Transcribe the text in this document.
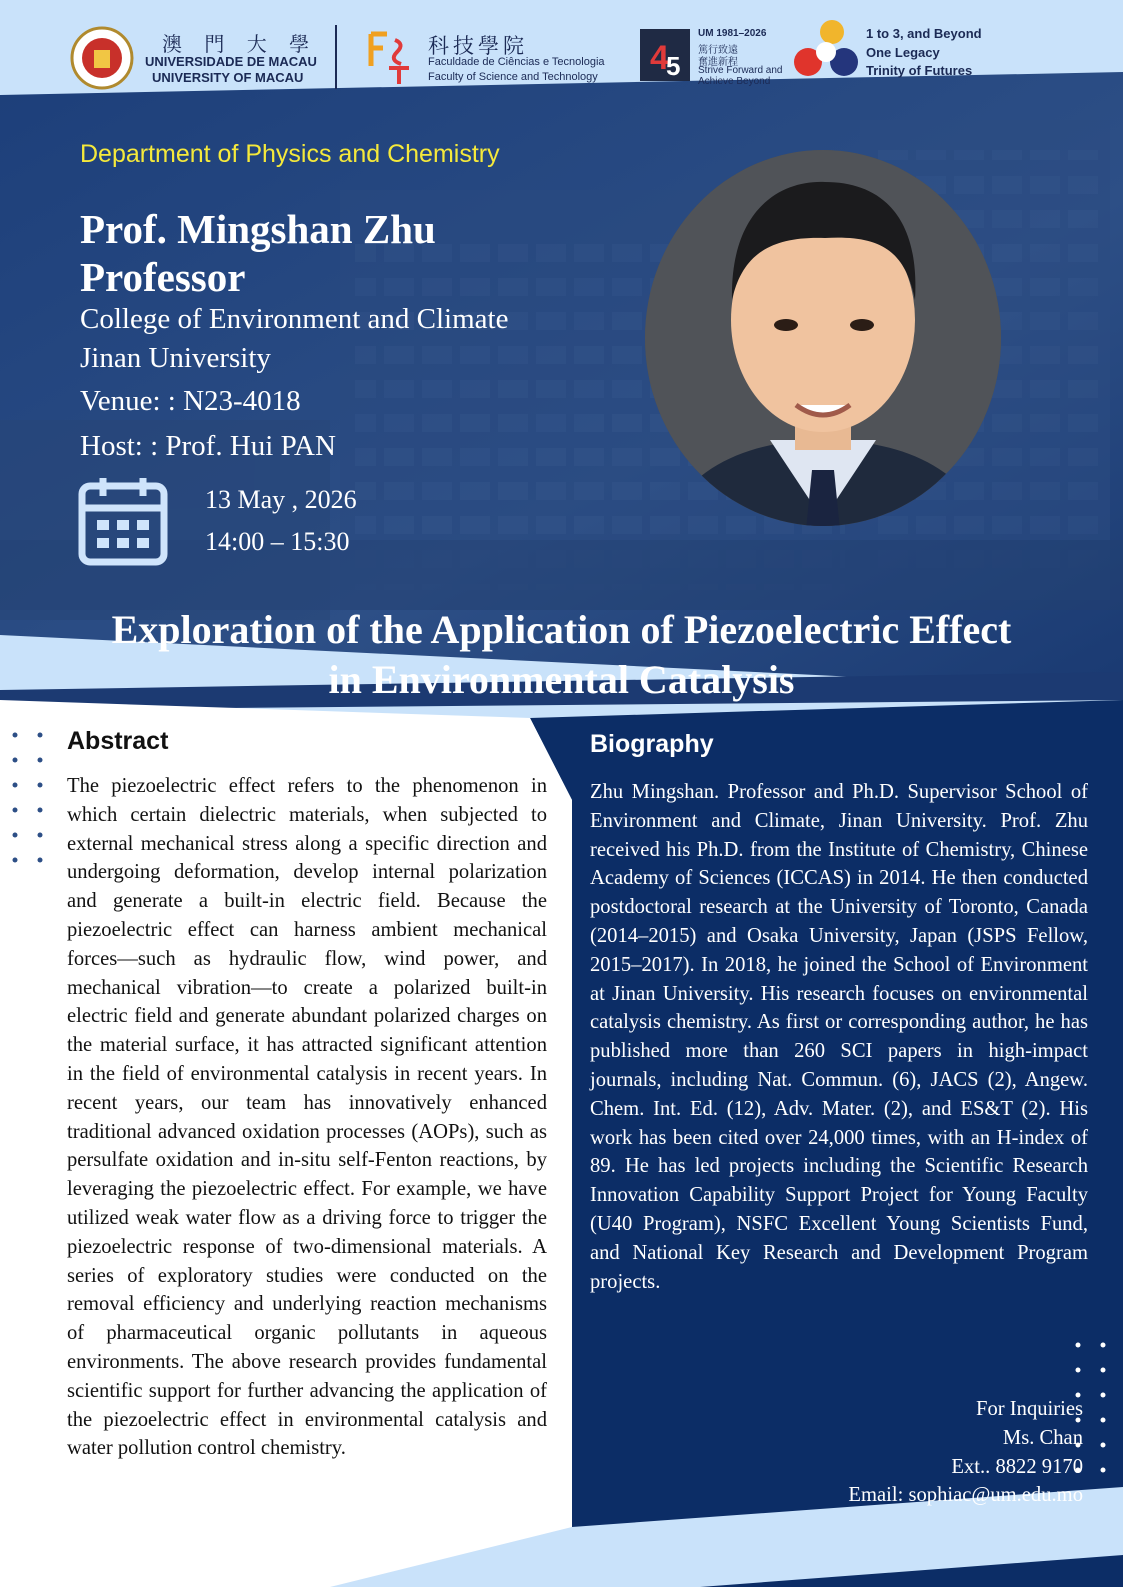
澳 門 大 學
UNIVERSIDADE DE MACAU
UNIVERSITY OF MACAU
科技學院
Faculdade de Ciências e Tecnologia
Faculty of Science and Technology 4
5
UM 1981–2026
篤行致遠
奮進新程
Strive Forward and
Achieve Beyond
1 to 3, and Beyond
One Legacy
Trinity of Futures
Department of Physics and Chemistry
Prof. Mingshan Zhu
Professor
College of Environment and Climate
Jinan University
Venue: : N23-4018
Host: : Prof. Hui PAN
13 May , 2026
14:00 – 15:30
Exploration of the Application of Piezoelectric Effect
in Environmental Catalysis
Abstract
The piezoelectric effect refers to the phenomenon in which certain dielectric materials, when subjected to external mechanical stress along a specific direction and undergoing deformation, develop internal polarization and generate a built-in electric field. Because the piezoelectric effect can harness ambient mechanical forces—such as hydraulic flow, wind power, and mechanical vibration—to create a polarized built-in electric field and generate abundant polarized charges on the material surface, it has attracted significant attention in the field of environmental catalysis in recent years. In recent years, our team has innovatively enhanced traditional advanced oxidation processes (AOPs), such as persulfate oxidation and in-situ self-Fenton reactions, by leveraging the piezoelectric effect. For example, we have utilized weak water flow as a driving force to trigger the piezoelectric response of two-dimensional materials. A series of exploratory studies were conducted on the removal efficiency and underlying reaction mechanisms of pharmaceutical organic pollutants in aqueous environments. The above research provides fundamental scientific support for further advancing the application of the piezoelectric effect in environmental catalysis and water pollution control chemistry.
Biography
Zhu Mingshan. Professor and Ph.D. Supervisor School of Environment and Climate, Jinan University. Prof. Zhu received his Ph.D. from the Institute of Chemistry, Chinese Academy of Sciences (ICCAS) in 2014. He then conducted postdoctoral research at the University of Toronto, Canada (2014–2015) and Osaka University, Japan (JSPS Fellow, 2015–2017). In 2018, he joined the School of Environment at Jinan University. His research focuses on environmental catalysis chemistry. As first or corresponding author, he has published more than 260 SCI papers in high-impact journals, including Nat. Commun. (6), JACS (2), Angew. Chem. Int. Ed. (12), Adv. Mater. (2), and ES&T (2). His work has been cited over 24,000 times, with an H-index of 89. He has led projects including the Scientific Research Innovation Capability Support Project for Young Faculty (U40 Program), NSFC Excellent Young Scientists Fund, and National Key Research and Development Program projects.
For Inquiries
Ms. Chan
Ext.. 8822 9170
Email: sophiac@um.edu.mo
